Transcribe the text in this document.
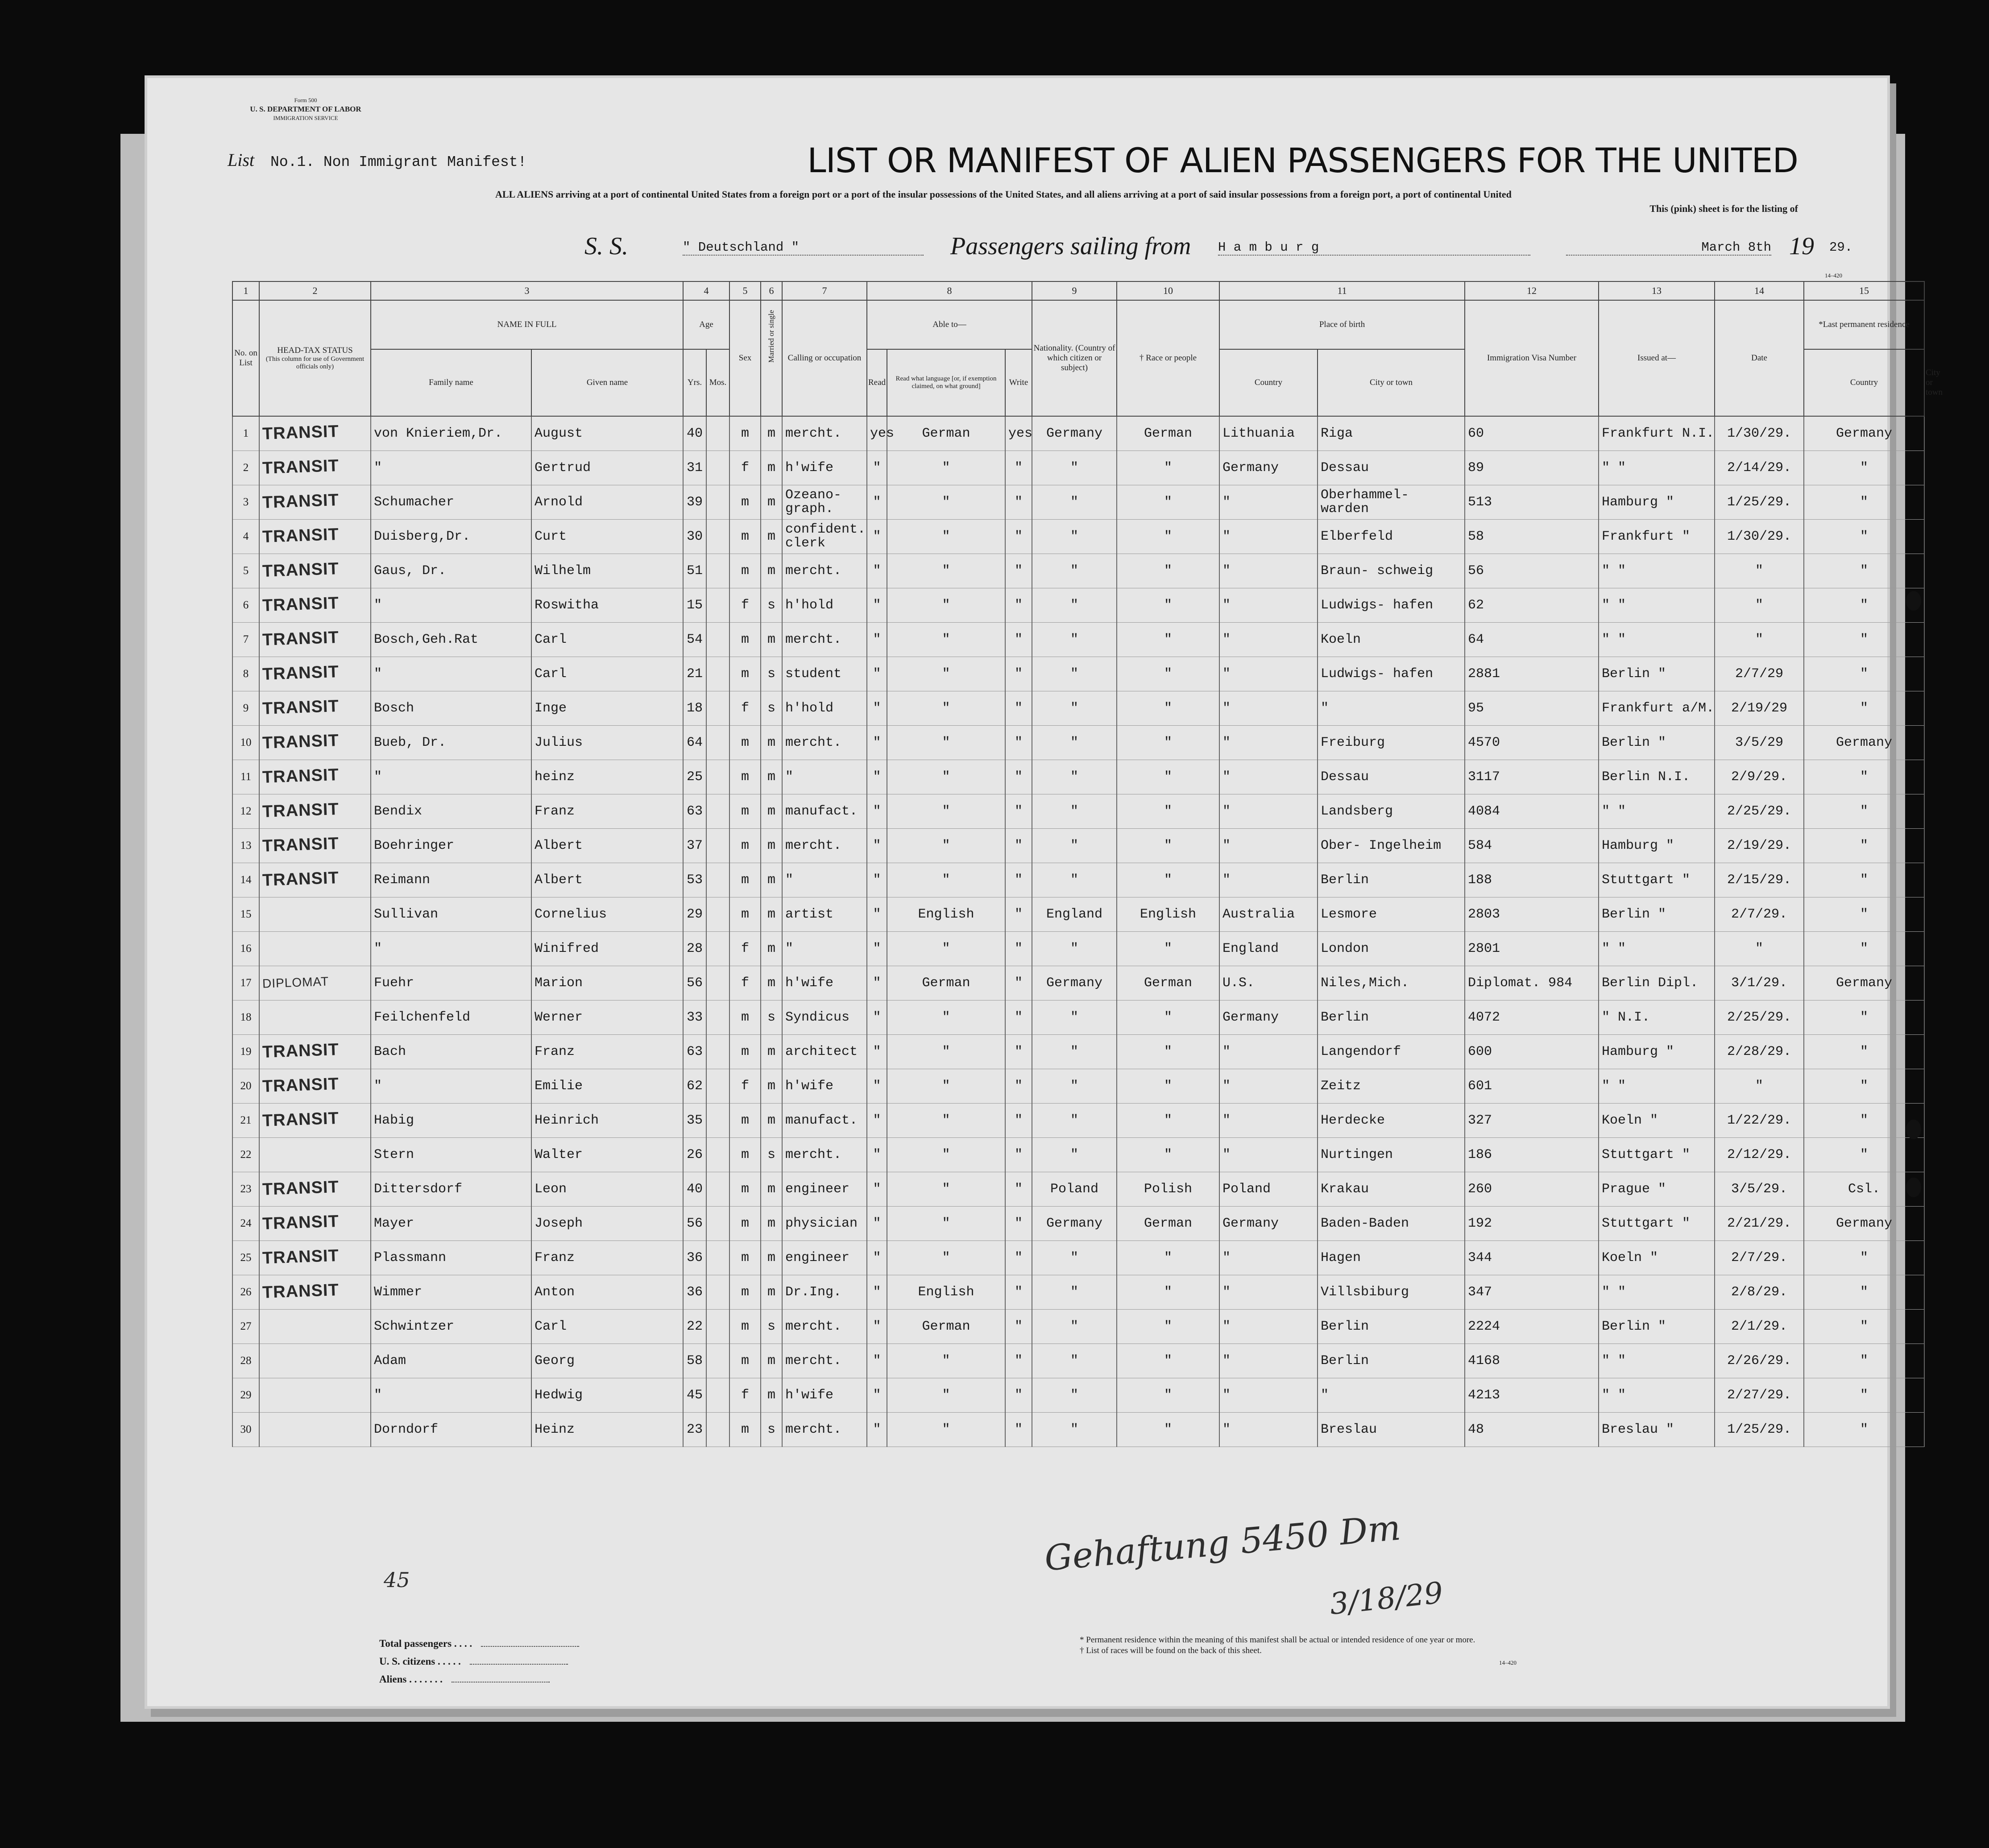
Form 500
U. S. DEPARTMENT OF LABOR
IMMIGRATION SERVICE
List No.1. Non Immigrant Manifest!	LIST OR MANIFEST OF ALIEN PASSENGERS FOR THE UNITED
ALL ALIENS arriving at a port of continental United States from a foreign port or a port of the insular possessions of the United States, and all aliens arriving at a port of said insular possessions from a foreign port, a port of continental United
This (pink) sheet is for the listing of
S. S.	" Deutschland "	Passengers sailing from H a m b u r g	March 8th 19 29.
14–420
1	2	3		4		5	6	7	8			9	10	11		12	13	14	15	
No. on List	HEAD-TAX STATUS
(This column for use of Government officials only)	NAME IN FULL		Age		Sex	Married or single	Calling or occupation	Able to—			Nationality. (Country of which citizen or subject)	† Race or people	Place of birth		Immigration Visa Number	Issued at—	Date	*Last permanent residence	
		Family name	Given name	Yrs.	Mos.				Read	Read what language [or, if exemption claimed, on what ground]	Write			Country	City or town				Country	City or town
1	TRANSIT	von Knieriem,Dr.	August	40		m	m	mercht.	yes	German	yes	Germany	German	Lithuania	Riga	60	Frankfurt N.I.	1/30/29.	Germany	
2	TRANSIT	"	Gertrud	31		f	m	h'wife	"	"	"	"	"	Germany	Dessau	89	" "	2/14/29.	"	
3	TRANSIT	Schumacher	Arnold	39		m	m	Ozeano- graph.	"	"	"	"	"	"	Oberhammel- warden	513	Hamburg "	1/25/29.	"	
4	TRANSIT	Duisberg,Dr.	Curt	30		m	m	confident. clerk	"	"	"	"	"	"	Elberfeld	58	Frankfurt "	1/30/29.	"	
5	TRANSIT	Gaus, Dr.	Wilhelm	51		m	m	mercht.	"	"	"	"	"	"	Braun- schweig	56	" "	"	"	
6	TRANSIT	"	Roswitha	15		f	s	h'hold	"	"	"	"	"	"	Ludwigs- hafen	62	" "	"	"	
7	TRANSIT	Bosch,Geh.Rat	Carl	54		m	m	mercht.	"	"	"	"	"	"	Koeln	64	" "	"	"	
8	TRANSIT	"	Carl	21		m	s	student	"	"	"	"	"	"	Ludwigs- hafen	2881	Berlin "	2/7/29	"	
9	TRANSIT	Bosch	Inge	18		f	s	h'hold	"	"	"	"	"	"	"	95	Frankfurt a/M.	2/19/29	"	
10	TRANSIT	Bueb, Dr.	Julius	64		m	m	mercht.	"	"	"	"	"	"	Freiburg	4570	Berlin "	3/5/29	Germany	
11	TRANSIT	"	heinz	25		m	m	"	"	"	"	"	"	"	Dessau	3117	Berlin N.I.	2/9/29.	"	
12	TRANSIT	Bendix	Franz	63		m	m	manufact.	"	"	"	"	"	"	Landsberg	4084	" "	2/25/29.	"	
13	TRANSIT	Boehringer	Albert	37		m	m	mercht.	"	"	"	"	"	"	Ober- Ingelheim	584	Hamburg "	2/19/29.	"	
14	TRANSIT	Reimann	Albert	53		m	m	"	"	"	"	"	"	"	Berlin	188	Stuttgart "	2/15/29.	"	
15		Sullivan	Cornelius	29		m	m	artist	"	English	"	England	English	Australia	Lesmore	2803	Berlin "	2/7/29.	"	
16		"	Winifred	28		f	m	"	"	"	"	"	"	England	London	2801	" "	"	"	
17	DIPLOMAT	Fuehr	Marion	56		f	m	h'wife	"	German	"	Germany	German	U.S.	Niles,Mich.	Diplomat. 984	Berlin Dipl.	3/1/29.	Germany	
18		Feilchenfeld	Werner	33		m	s	Syndicus	"	"	"	"	"	Germany	Berlin	4072	" N.I.	2/25/29.	"	
19	TRANSIT	Bach	Franz	63		m	m	architect	"	"	"	"	"	"	Langendorf	600	Hamburg "	2/28/29.	"	
20	TRANSIT	"	Emilie	62		f	m	h'wife	"	"	"	"	"	"	Zeitz	601	" "	"	"	
21	TRANSIT	Habig	Heinrich	35		m	m	manufact.	"	"	"	"	"	"	Herdecke	327	Koeln "	1/22/29.	"	
22		Stern	Walter	26		m	s	mercht.	"	"	"	"	"	"	Nurtingen	186	Stuttgart "	2/12/29.	"	
23	TRANSIT	Dittersdorf	Leon	40		m	m	engineer	"	"	"	Poland	Polish	Poland	Krakau	260	Prague "	3/5/29.	Csl.	
24	TRANSIT	Mayer	Joseph	56		m	m	physician	"	"	"	Germany	German	Germany	Baden-Baden	192	Stuttgart "	2/21/29.	Germany	
25	TRANSIT	Plassmann	Franz	36		m	m	engineer	"	"	"	"	"	"	Hagen	344	Koeln "	2/7/29.	"	
26	TRANSIT	Wimmer	Anton	36		m	m	Dr.Ing.	"	English	"	"	"	"	Villsbiburg	347	" "	2/8/29.	"	
27		Schwintzer	Carl	22		m	s	mercht.	"	German	"	"	"	"	Berlin	2224	Berlin "	2/1/29.	"	
28		Adam	Georg	58		m	m	mercht.	"	"	"	"	"	"	Berlin	4168	" "	2/26/29.	"	
29		"	Hedwig	45		f	m	h'wife	"	"	"	"	"	"	"	4213	" "	2/27/29.	"	
30		Dorndorf	Heinz	23		m	s	mercht.	"	"	"	"	"	"	Breslau	48	Breslau "	1/25/29.	"	
Total passengers . . . .
U. S. citizens . . . . .
Aliens . . . . . . .
* Permanent residence within the meaning of this manifest shall be actual or intended residence of one year or more.
† List of races will be found on the back of this sheet.
14–420
45
Gehaftung 5450 Dm
3/18/29
